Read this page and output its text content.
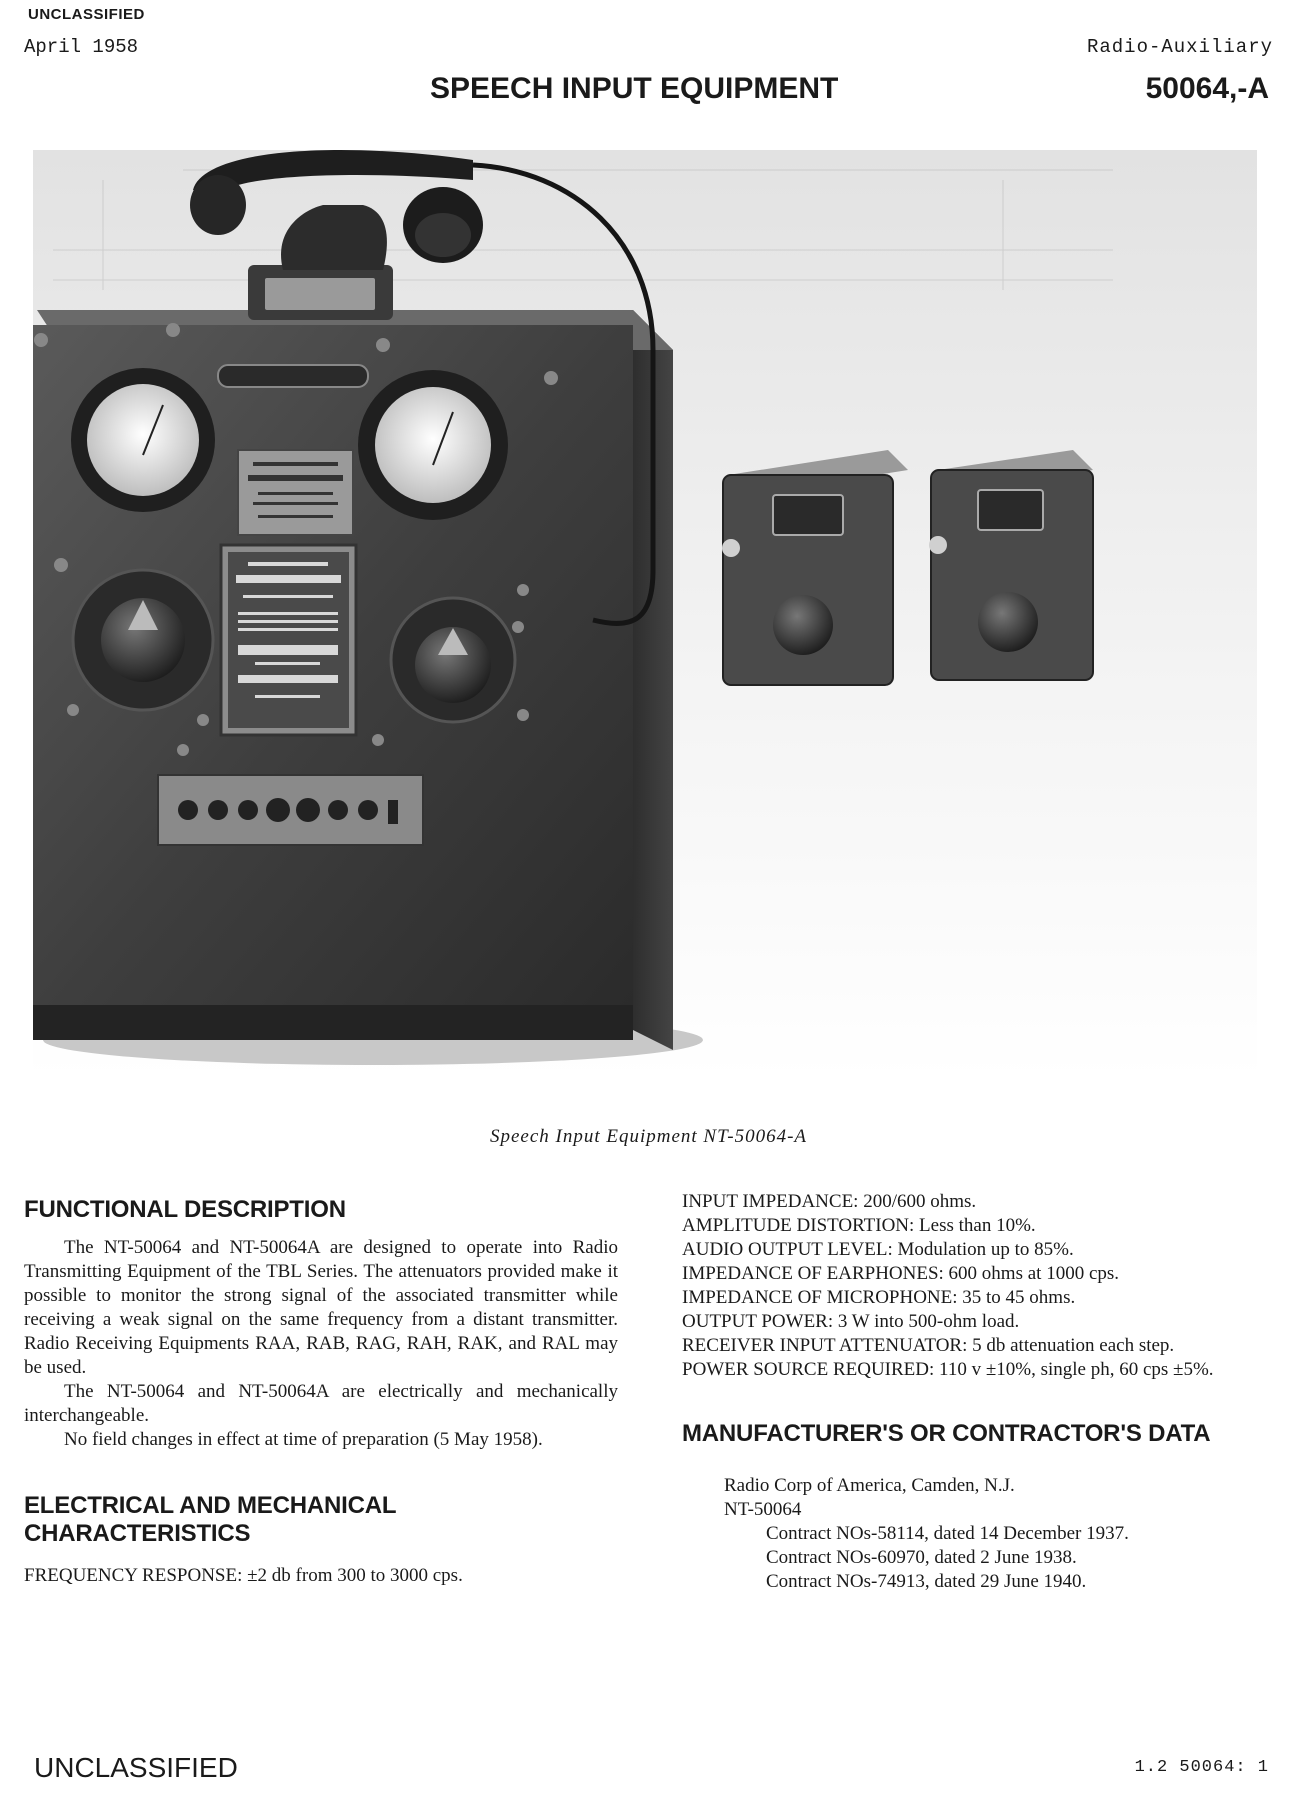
UNCLASSIFIED
April 1958	Radio-Auxiliary
SPEECH INPUT EQUIPMENT	50064,-A
Speech Input Equipment NT-50064-A
FUNCTIONAL DESCRIPTION

The NT-50064 and NT-50064A are designed to operate into Radio Transmitting Equipment of the TBL Series. The attenuators provided make it possible to monitor the strong signal of the associated transmitter while receiving a weak signal on the same frequency from a distant transmitter. Radio Receiving Equipments RAA, RAB, RAG, RAH, RAK, and RAL may be used.

The NT-50064 and NT-50064A are electrically and mechanically interchangeable.

No field changes in effect at time of preparation (5 May 1958).

ELECTRICAL AND MECHANICAL CHARACTERISTICS

FREQUENCY RESPONSE: ±2 db from 300 to 3000 cps.

INPUT IMPEDANCE: 200/600 ohms.

AMPLITUDE DISTORTION: Less than 10%.

AUDIO OUTPUT LEVEL: Modulation up to 85%.

IMPEDANCE OF EARPHONES: 600 ohms at 1000 cps.

IMPEDANCE OF MICROPHONE: 35 to 45 ohms.

OUTPUT POWER: 3 W into 500-ohm load.

RECEIVER INPUT ATTENUATOR: 5 db attenuation each step.

POWER SOURCE REQUIRED: 110 v ±10%, single ph, 60 cps ±5%.

MANUFACTURER'S OR CONTRACTOR'S DATA

Radio Corp of America, Camden, N.J.

NT-50064

Contract NOs-58114, dated 14 December 1937.

Contract NOs-60970, dated 2 June 1938.

Contract NOs-74913, dated 29 June 1940.

UNCLASSIFIED	1.2 50064: 1
